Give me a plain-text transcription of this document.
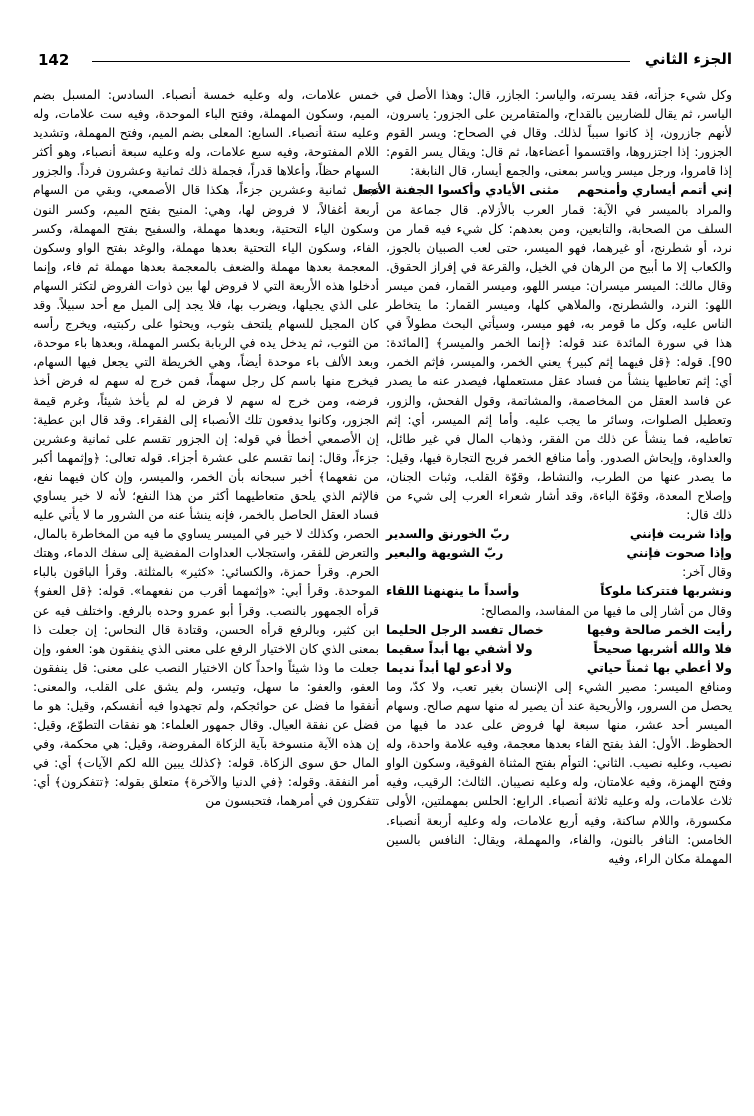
142	الجزء الثاني

وكل شيء جزأته، فقد يسرته، والياسر: الجازر، قال: وهذا الأصل في الياسر، ثم يقال للضاربين بالقداح، والمتقامرين على الجزور: ياسرون، لأنهم جازرون، إذ كانوا سبباً لذلك. وقال في الصحاح: ويسر القوم الجزور: إذا اجتزروها، واقتسموا أعضاءها، ثم قال: ويقال يسر القوم: إذا قامروا، ورجل ميسر وياسر بمعنى، والجمع أيسار، قال النابغة:

إني أتمم أيساري وأمنحهم
مثنى الأيادي وأكسوا الجفنة الأدما

والمراد بالميسر في الآية: قمار العرب بالأزلام. قال جماعة من السلف من الصحابة، والتابعين، ومن بعدهم: كل شيء فيه قمار من نرد، أو شطرنج، أو غيرهما، فهو الميسر، حتى لعب الصبيان بالجوز، والكعاب إلا ما أبيح من الرهان في الخيل، والقرعة في إفراز الحقوق. وقال مالك: الميسر ميسران: ميسر اللهو، وميسر القمار، فمن ميسر اللهو: النرد، والشطرنج، والملاهي كلها، وميسر القمار: ما يتخاطر الناس عليه، وكل ما قومر به، فهو ميسر، وسيأتي البحث مطولاً في هذا في سورة المائدة عند قوله: ﴿إنما الخمر والميسر﴾ [المائدة: 90]. قوله: ﴿قل فيهما إثم كبير﴾ يعني الخمر، والميسر، فإثم الخمر، أي: إثم تعاطيها ينشأ من فساد عقل مستعملها، فيصدر عنه ما يصدر عن فاسد العقل من المخاصمة، والمشاتمة، وقول الفحش، والزور، وتعطيل الصلوات، وسائر ما يجب عليه. وأما إثم الميسر، أي: إثم تعاطيه، فما ينشأ عن ذلك من الفقر، وذهاب المال في غير طائل، والعداوة، وإيحاش الصدور. وأما منافع الخمر فربح التجارة فيها، وقيل: ما يصدر عنها من الطرب، والنشاط، وقوّة القلب، وثبات الجنان، وإصلاح المعدة، وقوّة الباءة، وقد أشار شعراء العرب إلى شيء من ذلك قال:

وإذا شربت فإنني
ربّ الخورنق والسدير
وإذا صحوت فإنني
ربّ الشويهة والبعير

وقال آخر:

ونشربها فتتركنا ملوكاً
وأسداً ما ينهنهنا اللقاء

وقال من أشار إلى ما فيها من المفاسد، والمصالح:

رأيت الخمر صالحة وفيها
خصال تفسد الرجل الحليما
فلا والله أشربها صحيحاً
ولا أشفي بها أبداً سقيما
ولا أعطي بها ثمناً حياتي
ولا أدعو لها أبداً نديما

ومنافع الميسر: مصير الشيء إلى الإنسان بغير تعب، ولا كدّ، وما يحصل من السرور، والأريحية عند أن يصير له منها سهم صالح. وسهام الميسر أحد عشر، منها سبعة لها فروض على عدد ما فيها من الحظوظ. الأول: الفذ بفتح الفاء بعدها معجمة، وفيه علامة واحدة، وله نصيب، وعليه نصيب. الثاني: التوأم بفتح المثناة الفوقية، وسكون الواو وفتح الهمزة، وفيه علامتان، وله وعليه نصيبان. الثالث: الرقيب، وفيه ثلاث علامات، وله وعليه ثلاثة أنصباء. الرابع: الحلس بمهملتين، الأولى مكسورة، واللام ساكنة، وفيه أربع علامات، وله وعليه أربعة أنصباء. الخامس: النافر بالنون، والفاء، والمهملة، ويقال: النافس بالسين المهملة مكان الراء، وفيه

خمس علامات، وله وعليه خمسة أنصباء. السادس: المسبل بضم الميم، وسكون المهملة، وفتح الباء الموحدة، وفيه ست علامات، وله وعليه ستة أنصباء. السابع: المعلى بضم الميم، وفتح المهملة، وتشديد اللام المفتوحة، وفيه سبع علامات، وله وعليه سبعة أنصباء، وهو أكثر السهام حظاً، وأعلاها قدراً، فجملة ذلك ثمانية وعشرون فرداً. والجزور تجعل ثمانية وعشرين جزءاً، هكذا قال الأصمعي، وبقي من السهام أربعة أغفالاً، لا فروض لها، وهي: المنيح بفتح الميم، وكسر النون وسكون الياء التحتية، وبعدها مهملة، والسفيح بفتح المهملة، وكسر الفاء، وسكون الياء التحتية بعدها مهملة، والوغد بفتح الواو وسكون المعجمة بعدها مهملة والضعف بالمعجمة بعدها مهملة ثم فاء، وإنما أدخلوا هذه الأربعة التي لا فروض لها بين ذوات الفروض لتكثر السهام على الذي يجيلها، ويضرب بها، فلا يجد إلى الميل مع أحد سبيلاً. وقد كان المجيل للسهام يلتحف بثوب، ويحثوا على ركبتيه، ويخرج رأسه من الثوب، ثم يدخل يده في الربابة بكسر المهملة، وبعدها باء موحدة، وبعد الألف باء موحدة أيضاً، وهي الخريطة التي يجعل فيها السهام، فيخرج منها باسم كل رجل سهماً، فمن خرج له سهم له فرض أخذ فرضه، ومن خرج له سهم لا فرض له لم يأخذ شيئاً، وغرم قيمة الجزور، وكانوا يدفعون تلك الأنصباء إلى الفقراء. وقد قال ابن عطية: إن الأصمعي أخطأ في قوله: إن الجزور تقسم على ثمانية وعشرين جزءاً، وقال: إنما تقسم على عشرة أجزاء. قوله تعالى: ﴿وإثمهما أكبر من نفعهما﴾ أخبر سبحانه بأن الخمر، والميسر، وإن كان فيهما نفع، فالإثم الذي يلحق متعاطيهما أكثر من هذا النفع؛ لأنه لا خير يساوي فساد العقل الحاصل بالخمر، فإنه ينشأ عنه من الشرور ما لا يأتي عليه الحصر، وكذلك لا خير في الميسر يساوي ما فيه من المخاطرة بالمال، والتعرض للفقر، واستجلاب العداوات المفضية إلى سفك الدماء، وهتك الحرم. وقرأ حمزة، والكسائي: «كثير» بالمثلثة. وقرأ الباقون بالباء الموحدة. وقرأ أبي: «وإثمهما أقرب من نفعهما». قوله: ﴿قل العفو﴾ قرأه الجمهور بالنصب. وقرأ أبو عمرو وحده بالرفع. واختلف فيه عن ابن كثير، وبالرفع قرأه الحسن، وقتادة قال النحاس: إن جعلت ذا بمعنى الذي كان الاختيار الرفع على معنى الذي ينفقون هو: العفو، وإن جعلت ما وذا شيئاً واحداً كان الاختيار النصب على معنى: قل ينفقون العفو، والعفو: ما سهل، وتيسر، ولم يشق على القلب، والمعنى: أنفقوا ما فضل عن حوائجكم، ولم تجهدوا فيه أنفسكم، وقيل: هو ما فضل عن نفقة العيال. وقال جمهور العلماء: هو نفقات التطوّع، وقيل: إن هذه الآية منسوخة بآية الزكاة المفروضة، وقيل: هي محكمة، وفي المال حق سوى الزكاة. قوله: ﴿كذلك يبين الله لكم الآيات﴾ أي: في أمر النفقة. وقوله: ﴿في الدنيا والآخرة﴾ متعلق بقوله: ﴿تتفكرون﴾ أي: تتفكرون في أمرهما، فتحبسون من
